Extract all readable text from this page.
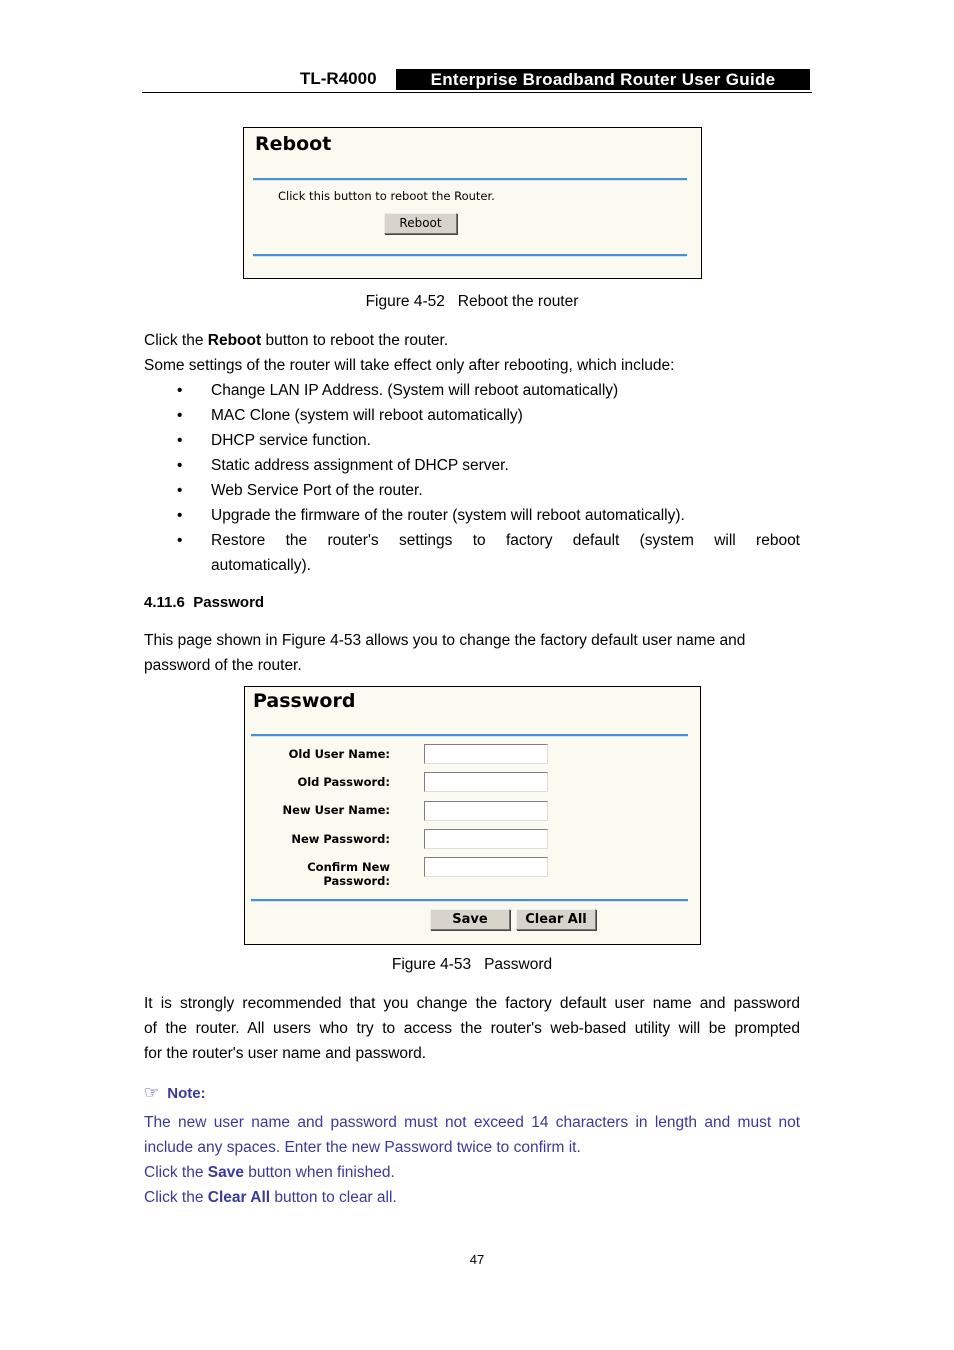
TL-R4000	Enterprise Broadband Router User Guide
Reboot
Click this button to reboot the Router.
Reboot
Figure 4-52 Reboot the router
Click the Reboot button to reboot the router.
Some settings of the router will take effect only after rebooting, which include:
• Change LAN IP Address. (System will reboot automatically)
• MAC Clone (system will reboot automatically)
• DHCP service function.
• Static address assignment of DHCP server.
• Web Service Port of the router.
• Upgrade the firmware of the router (system will reboot automatically).
• Restore the router's settings to factory default (system will reboot
automatically).
4.11.6 Password
This page shown in Figure 4-53 allows you to change the factory default user name and
password of the router.
Password
Old User Name:
Old Password:
New User Name:
New Password:
Confirm New Password:
Save	Clear All
Figure 4-53 Password
It is strongly recommended that you change the factory default user name and password
of the router. All users who try to access the router's web-based utility will be prompted
for the router's user name and password.
☞ Note:
The new user name and password must not exceed 14 characters in length and must not
include any spaces. Enter the new Password twice to confirm it.
Click the Save button when finished.
Click the Clear All button to clear all.
47
